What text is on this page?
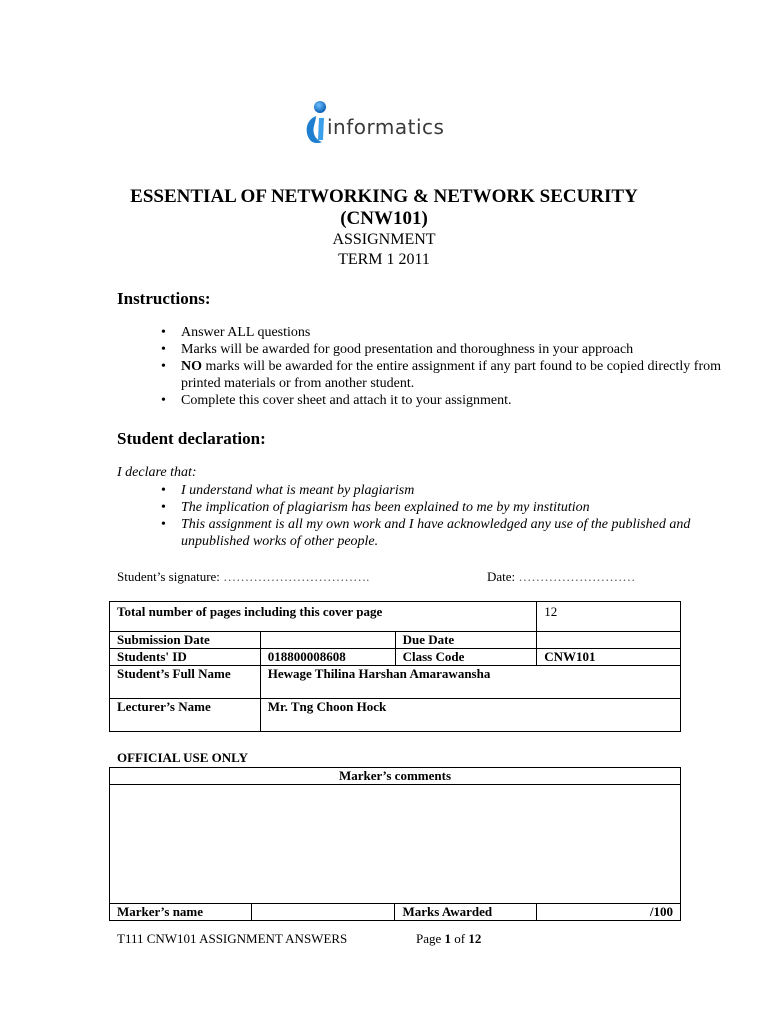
informatics
ESSENTIAL OF NETWORKING & NETWORK SECURITY
(CNW101)
ASSIGNMENT
TERM 1 2011
Instructions:
• Answer ALL questions
• Marks will be awarded for good presentation and thoroughness in your approach
• NO marks will be awarded for the entire assignment if any part found to be copied directly from printed materials or from another student.
• Complete this cover sheet and attach it to your assignment.
Student declaration:
I declare that:
• I understand what is meant by plagiarism
• The implication of plagiarism has been explained to me by my institution
• This assignment is all my own work and I have acknowledged any use of the published and unpublished works of other people.
Student’s signature: …………………………….	Date: ………………………
Total number of pages including this cover page			12
Submission Date		Due Date	
Students' ID	018800008608	Class Code	CNW101
Student’s Full Name	Hewage Thilina Harshan Amarawansha		
Lecturer’s Name	Mr. Tng Choon Hock		
OFFICIAL USE ONLY
Marker’s comments

Marker’s name		Marks Awarded	/100
T111 CNW101 ASSIGNMENT ANSWERS	Page 1 of 12
